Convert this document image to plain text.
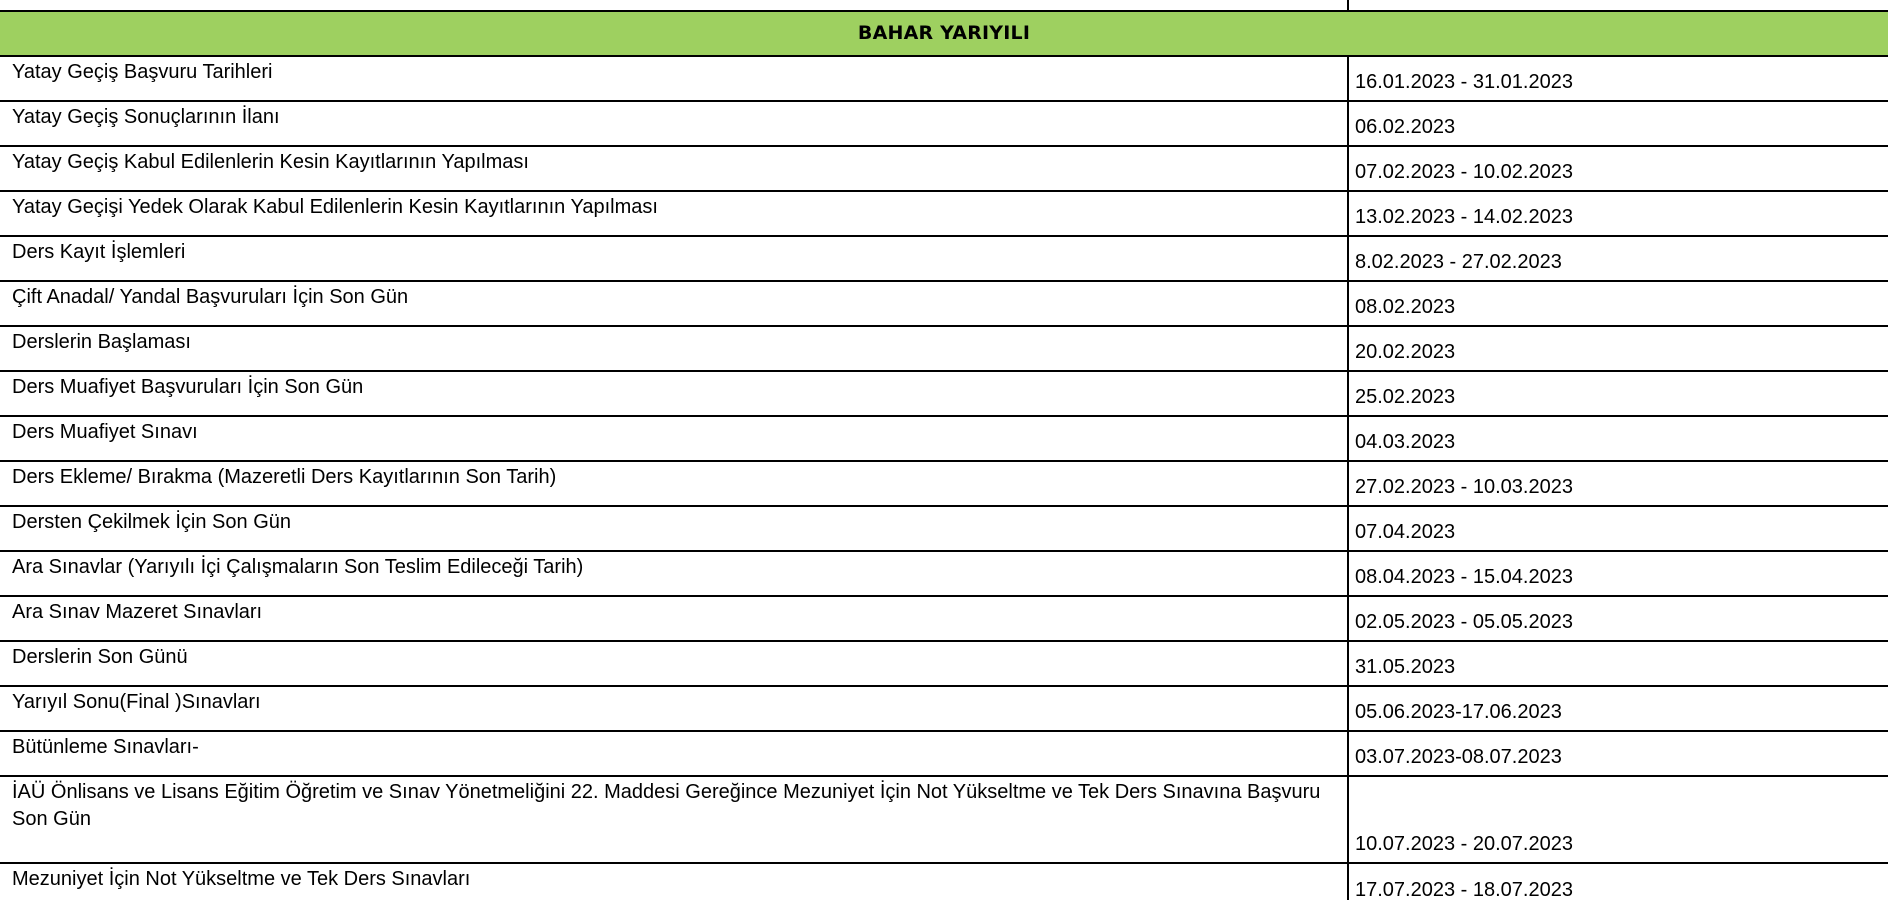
BAHAR YARIYILI	
Yatay Geçiş Başvuru Tarihleri	16.01.2023 - 31.01.2023
Yatay Geçiş Sonuçlarının İlanı	06.02.2023
Yatay Geçiş Kabul Edilenlerin Kesin Kayıtlarının Yapılması	07.02.2023 - 10.02.2023
Yatay Geçişi Yedek Olarak Kabul Edilenlerin Kesin Kayıtlarının Yapılması	13.02.2023 - 14.02.2023
Ders Kayıt İşlemleri	8.02.2023 - 27.02.2023
Çift Anadal/ Yandal Başvuruları İçin Son Gün	08.02.2023
Derslerin Başlaması	20.02.2023
Ders Muafiyet Başvuruları İçin Son Gün	25.02.2023
Ders Muafiyet Sınavı	04.03.2023
Ders Ekleme/ Bırakma (Mazeretli Ders Kayıtlarının Son Tarih)	27.02.2023 - 10.03.2023
Dersten Çekilmek İçin Son Gün	07.04.2023
Ara Sınavlar (Yarıyılı İçi Çalışmaların Son Teslim Edileceği Tarih)	08.04.2023 - 15.04.2023
Ara Sınav Mazeret Sınavları	02.05.2023 - 05.05.2023
Derslerin Son Günü	31.05.2023
Yarıyıl Sonu(Final )Sınavları	05.06.2023-17.06.2023
Bütünleme Sınavları-	03.07.2023-08.07.2023
İAÜ Önlisans ve Lisans Eğitim Öğretim ve Sınav Yönetmeliğini 22. Maddesi Gereğince Mezuniyet İçin Not Yükseltme ve Tek Ders Sınavına Başvuru Son Gün	10.07.2023 - 20.07.2023
Mezuniyet İçin Not Yükseltme ve Tek Ders Sınavları	17.07.2023 - 18.07.2023
